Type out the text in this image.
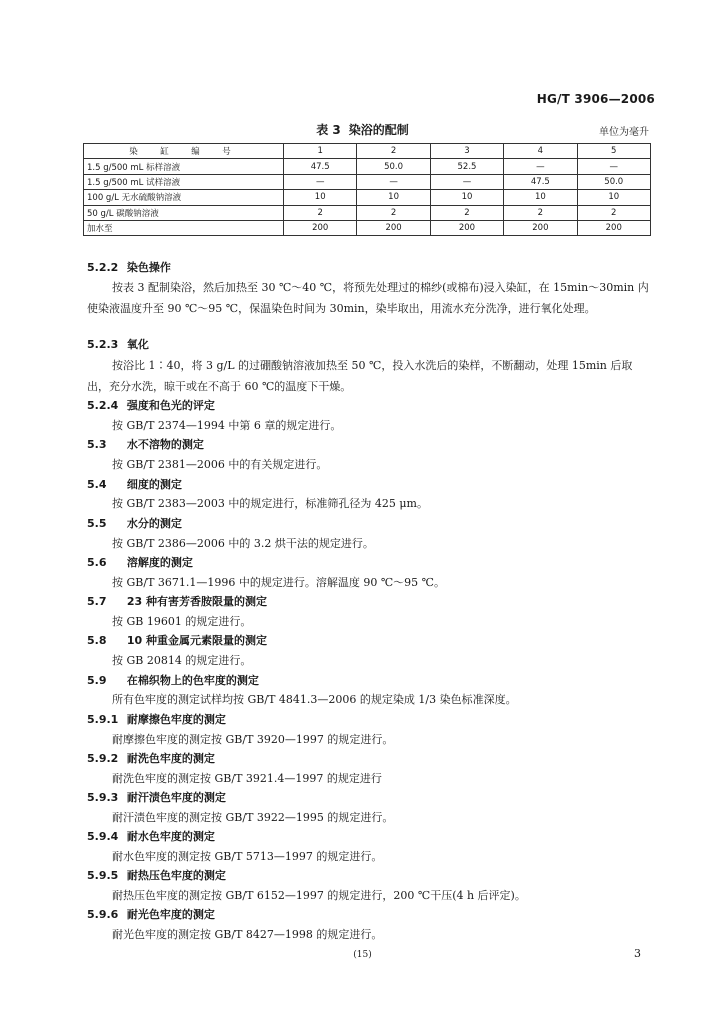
HG/T 3906—2006
表 3 染浴的配制	单位为毫升
染　缸　编　号	1	2	3	4	5
1.5 g/500 mL 标样溶液	47.5	50.0	52.5	—	—
1.5 g/500 mL 试样溶液	—	—	—	47.5	50.0
100 g/L 无水硫酸钠溶液	10	10	10	10	10
50 g/L 碳酸钠溶液	2	2	2	2	2
加水至	200	200	200	200	200
5.2.2 染色操作
按表 3 配制染浴，然后加热至 30 ℃～40 ℃，将预先处理过的棉纱(或棉布)浸入染缸，在 15min～30min 内使染液温度升至 90 ℃～95 ℃，保温染色时间为 30min，染毕取出，用流水充分洗净，进行氧化处理。
5.2.3 氧化
按浴比 1∶40，将 3 g/L 的过硼酸钠溶液加热至 50 ℃，投入水洗后的染样，不断翻动，处理 15min 后取出，充分水洗，晾干或在不高于 60 ℃的温度下干燥。
5.2.4 强度和色光的评定
按 GB/T 2374—1994 中第 6 章的规定进行。
5.3 水不溶物的测定
按 GB/T 2381—2006 中的有关规定进行。
5.4 细度的测定
按 GB/T 2383—2003 中的规定进行，标准筛孔径为 425 μm。
5.5 水分的测定
按 GB/T 2386—2006 中的 3.2 烘干法的规定进行。
5.6 溶解度的测定
按 GB/T 3671.1—1996 中的规定进行。溶解温度 90 ℃～95 ℃。
5.7 23 种有害芳香胺限量的测定
按 GB 19601 的规定进行。
5.8 10 种重金属元素限量的测定
按 GB 20814 的规定进行。
5.9 在棉织物上的色牢度的测定
所有色牢度的测定试样均按 GB/T 4841.3—2006 的规定染成 1/3 染色标准深度。
5.9.1 耐摩擦色牢度的测定
耐摩擦色牢度的测定按 GB/T 3920—1997 的规定进行。
5.9.2 耐洗色牢度的测定
耐洗色牢度的测定按 GB/T 3921.4—1997 的规定进行
5.9.3 耐汗渍色牢度的测定
耐汗渍色牢度的测定按 GB/T 3922—1995 的规定进行。
5.9.4 耐水色牢度的测定
耐水色牢度的测定按 GB/T 5713—1997 的规定进行。
5.9.5 耐热压色牢度的测定
耐热压色牢度的测定按 GB/T 6152—1997 的规定进行，200 ℃干压(4 h 后评定)。
5.9.6 耐光色牢度的测定
耐光色牢度的测定按 GB/T 8427—1998 的规定进行。
(15)	3
